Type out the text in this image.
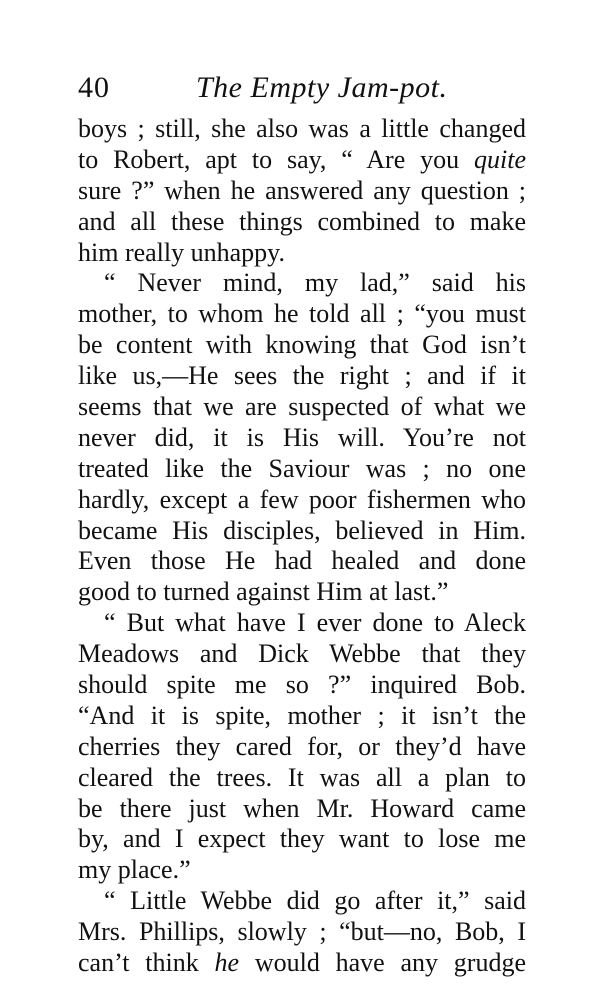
40	The Empty Jam-pot.
boys ; still, she also was a little changed
to Robert, apt to say, “ Are you quite
sure ?” when he answered any question ;
and all these things combined to make
him really unhappy.
“ Never mind, my lad,” said his
mother, to whom he told all ; “you must
be content with knowing that God isn’t
like us,—He sees the right ; and if it
seems that we are suspected of what we
never did, it is His will. You’re not
treated like the Saviour was ; no one
hardly, except a few poor fishermen who
became His disciples, believed in Him.
Even those He had healed and done
good to turned against Him at last.”
“ But what have I ever done to Aleck
Meadows and Dick Webbe that they
should spite me so ?” inquired Bob.
“And it is spite, mother ; it isn’t the
cherries they cared for, or they’d have
cleared the trees. It was all a plan to
be there just when Mr. Howard came
by, and I expect they want to lose me
my place.”
“ Little Webbe did go after it,” said
Mrs. Phillips, slowly ; “but—no, Bob, I
can’t think he would have any grudge
